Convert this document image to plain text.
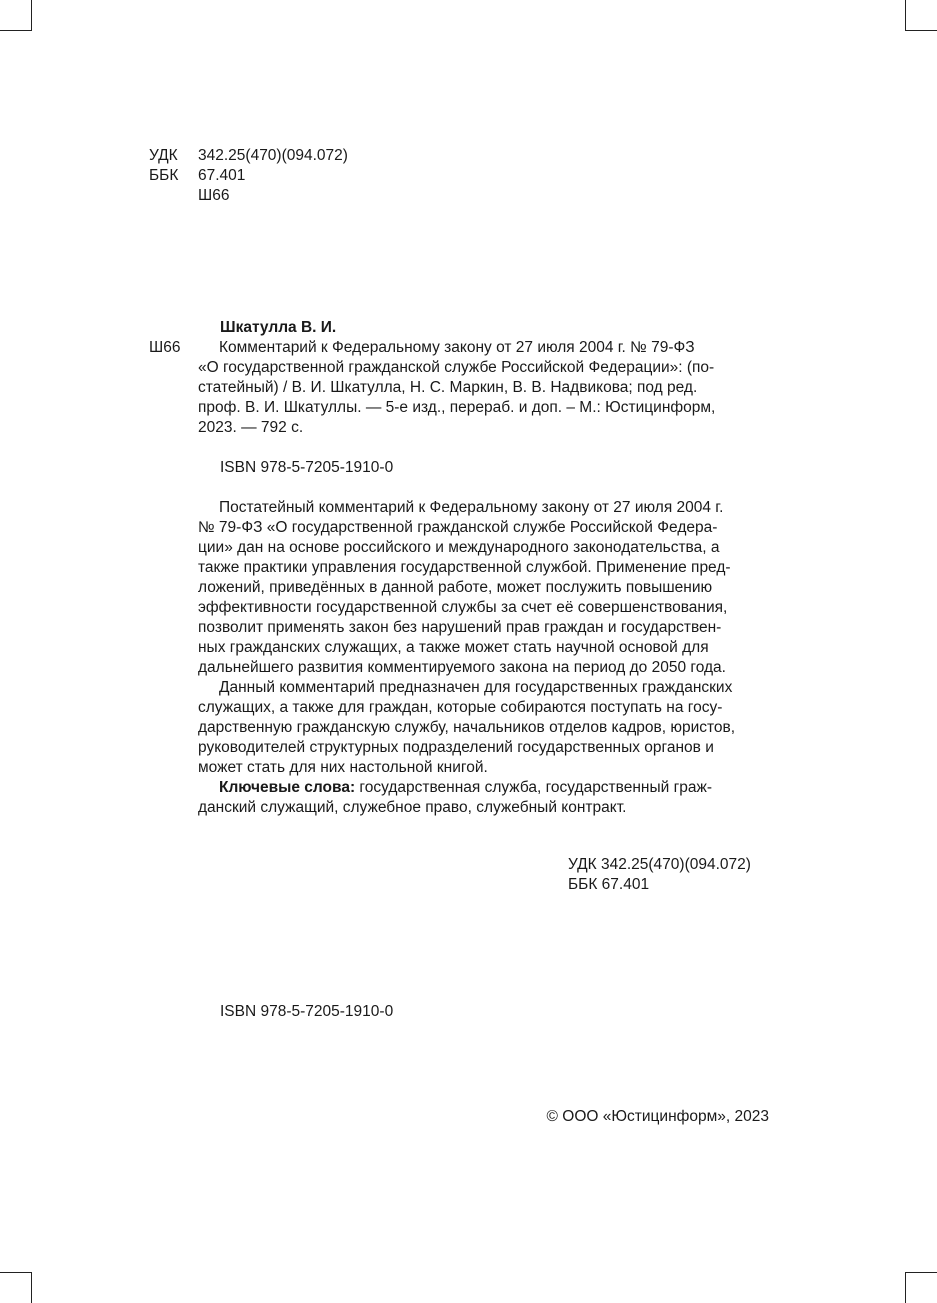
УДК 342.25(470)(094.072)
ББК 67.401
Ш66
Шкатулла В. И.
Ш66	Комментарий к Федеральному закону от 27 июля 2004 г. № 79-ФЗ

«О государственной гражданской службе Российской Федерации»: (по-

статейный) / В. И. Шкатулла, Н. С. Маркин, В. В. Надвикова; под ред.

проф. В. И. Шкатуллы. — 5-е изд., перераб. и доп. – М.: Юстицинформ,

2023. — 792 с.

ISBN 978-5-7205-1910-0

Постатейный комментарий к Федеральному закону от 27 июля 2004 г.

№ 79-ФЗ «О государственной гражданской службе Российской Федера-

ции» дан на основе российского и международного законодательства, а

также практики управления государственной службой. Применение пред-

ложений, приведённых в данной работе, может послужить повышению

эффективности государственной службы за счет её совершенствования,

позволит применять закон без нарушений прав граждан и государствен-

ных гражданских служащих, а также может стать научной основой для

дальнейшего развития комментируемого закона на период до 2050 года.

Данный комментарий предназначен для государственных гражданских

служащих, а также для граждан, которые собираются поступать на госу-

дарственную гражданскую службу, начальников отделов кадров, юристов,

руководителей структурных подразделений государственных органов и

может стать для них настольной книгой.

Ключевые слова: государственная служба, государственный граж-

данский служащий, служебное право, служебный контракт.

УДК 342.25(470)(094.072)
ББК 67.401
ISBN 978-5-7205-1910-0
© ООО «Юстицинформ», 2023
